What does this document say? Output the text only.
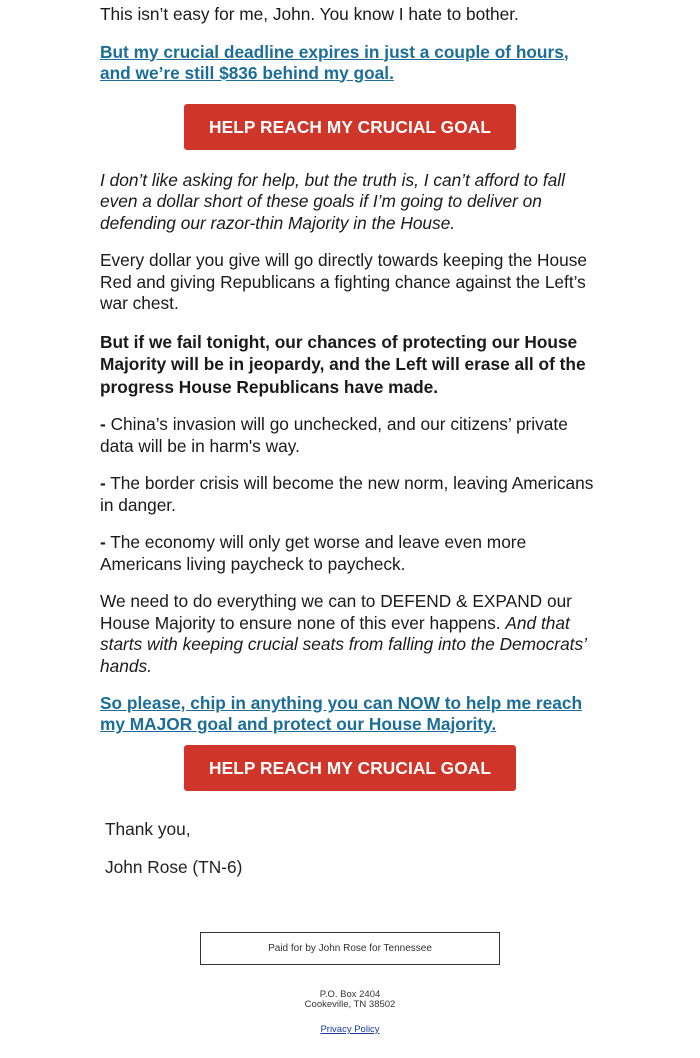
This isn’t easy for me, John. You know I hate to bother.

But my crucial deadline expires in just a couple of hours, and we’re still $836 behind my goal.
HELP REACH MY CRUCIAL GOAL

I don’t like asking for help, but the truth is, I can’t afford to fall even a dollar short of these goals if I’m going to deliver on defending our razor-thin Majority in the House.

Every dollar you give will go directly towards keeping the House Red and giving Republicans a fighting chance against the Left’s war chest.

But if we fail tonight, our chances of protecting our House Majority will be in jeopardy, and the Left will erase all of the progress House Republicans have made.

- China’s invasion will go unchecked, and our citizens’ private data will be in harm's way.

- The border crisis will become the new norm, leaving Americans in danger.

- The economy will only get worse and leave even more Americans living paycheck to paycheck.

We need to do everything we can to DEFEND & EXPAND our House Majority to ensure none of this ever happens. And that starts with keeping crucial seats from falling into the Democrats’ hands.

So please, chip in anything you can NOW to help me reach my MAJOR goal and protect our House Majority.
HELP REACH MY CRUCIAL GOAL
Thank you,
John Rose (TN-6)
Paid for by John Rose for Tennessee
P.O. Box 2404
Cookeville, TN 38502
Privacy Policy
